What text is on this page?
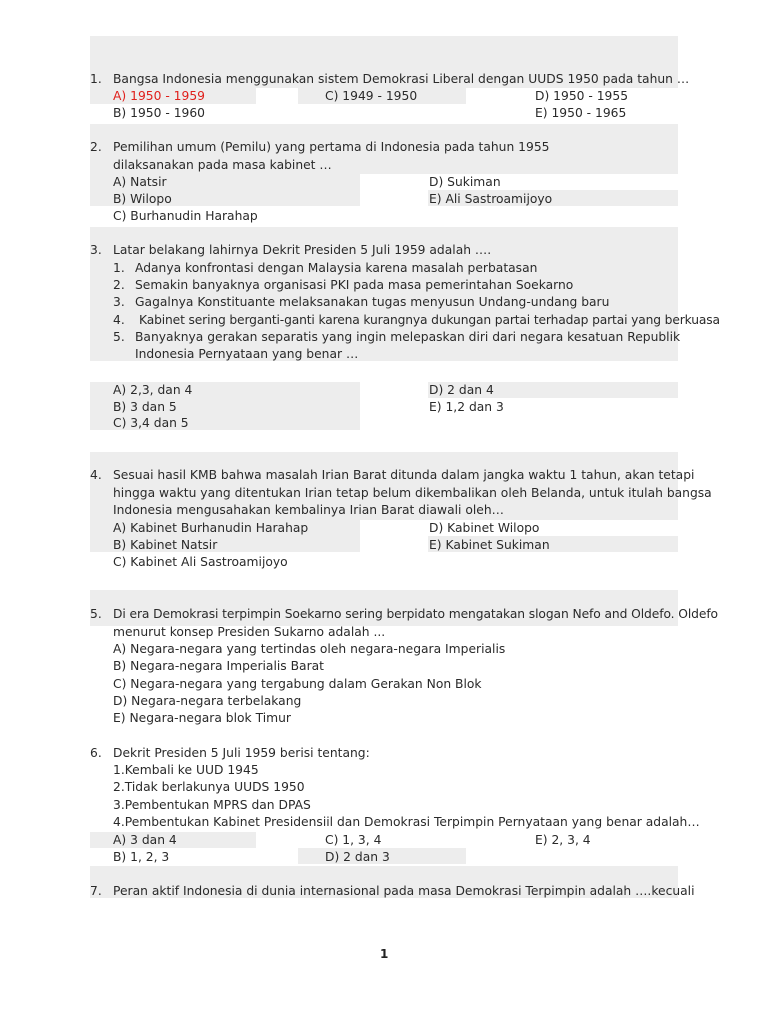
1. Bangsa Indonesia menggunakan sistem Demokrasi Liberal dengan UUDS 1950 pada tahun …
A) 1950 - 1959	C) 1949 - 1950	D) 1950 - 1955
B) 1950 - 1960	E) 1950 - 1965
2. Pemilihan umum (Pemilu) yang pertama di Indonesia pada tahun 1955
dilaksanakan pada masa kabinet …
A) Natsir	D) Sukiman
B) Wilopo	E) Ali Sastroamijoyo
C) Burhanudin Harahap
3. Latar belakang lahirnya Dekrit Presiden 5 Juli 1959 adalah ….
1. Adanya konfrontasi dengan Malaysia karena masalah perbatasan
2. Semakin banyaknya organisasi PKI pada masa pemerintahan Soekarno
3. Gagalnya Konstituante melaksanakan tugas menyusun Undang-undang baru
4. Kabinet sering berganti-ganti karena kurangnya dukungan partai terhadap partai yang berkuasa
5. Banyaknya gerakan separatis yang ingin melepaskan diri dari negara kesatuan Republik
Indonesia Pernyataan yang benar …
A) 2,3, dan 4	D) 2 dan 4
B) 3 dan 5	E) 1,2 dan 3
C) 3,4 dan 5
4. Sesuai hasil KMB bahwa masalah Irian Barat ditunda dalam jangka waktu 1 tahun, akan tetapi
hingga waktu yang ditentukan Irian tetap belum dikembalikan oleh Belanda, untuk itulah bangsa
Indonesia mengusahakan kembalinya Irian Barat diawali oleh…
A) Kabinet Burhanudin Harahap	D) Kabinet Wilopo
B) Kabinet Natsir	E) Kabinet Sukiman
C) Kabinet Ali Sastroamijoyo
5. Di era Demokrasi terpimpin Soekarno sering berpidato mengatakan slogan Nefo and Oldefo. Oldefo
menurut konsep Presiden Sukarno adalah ...
A) Negara-negara yang tertindas oleh negara-negara Imperialis
B) Negara-negara Imperialis Barat
C) Negara-negara yang tergabung dalam Gerakan Non Blok
D) Negara-negara terbelakang
E) Negara-negara blok Timur
6. Dekrit Presiden 5 Juli 1959 berisi tentang:
1.Kembali ke UUD 1945
2.Tidak berlakunya UUDS 1950
3.Pembentukan MPRS dan DPAS
4.Pembentukan Kabinet Presidensiil dan Demokrasi Terpimpin Pernyataan yang benar adalah…
A) 3 dan 4	C) 1, 3, 4	E) 2, 3, 4
B) 1, 2, 3	D) 2 dan 3
7. Peran aktif Indonesia di dunia internasional pada masa Demokrasi Terpimpin adalah ….kecuali
1
